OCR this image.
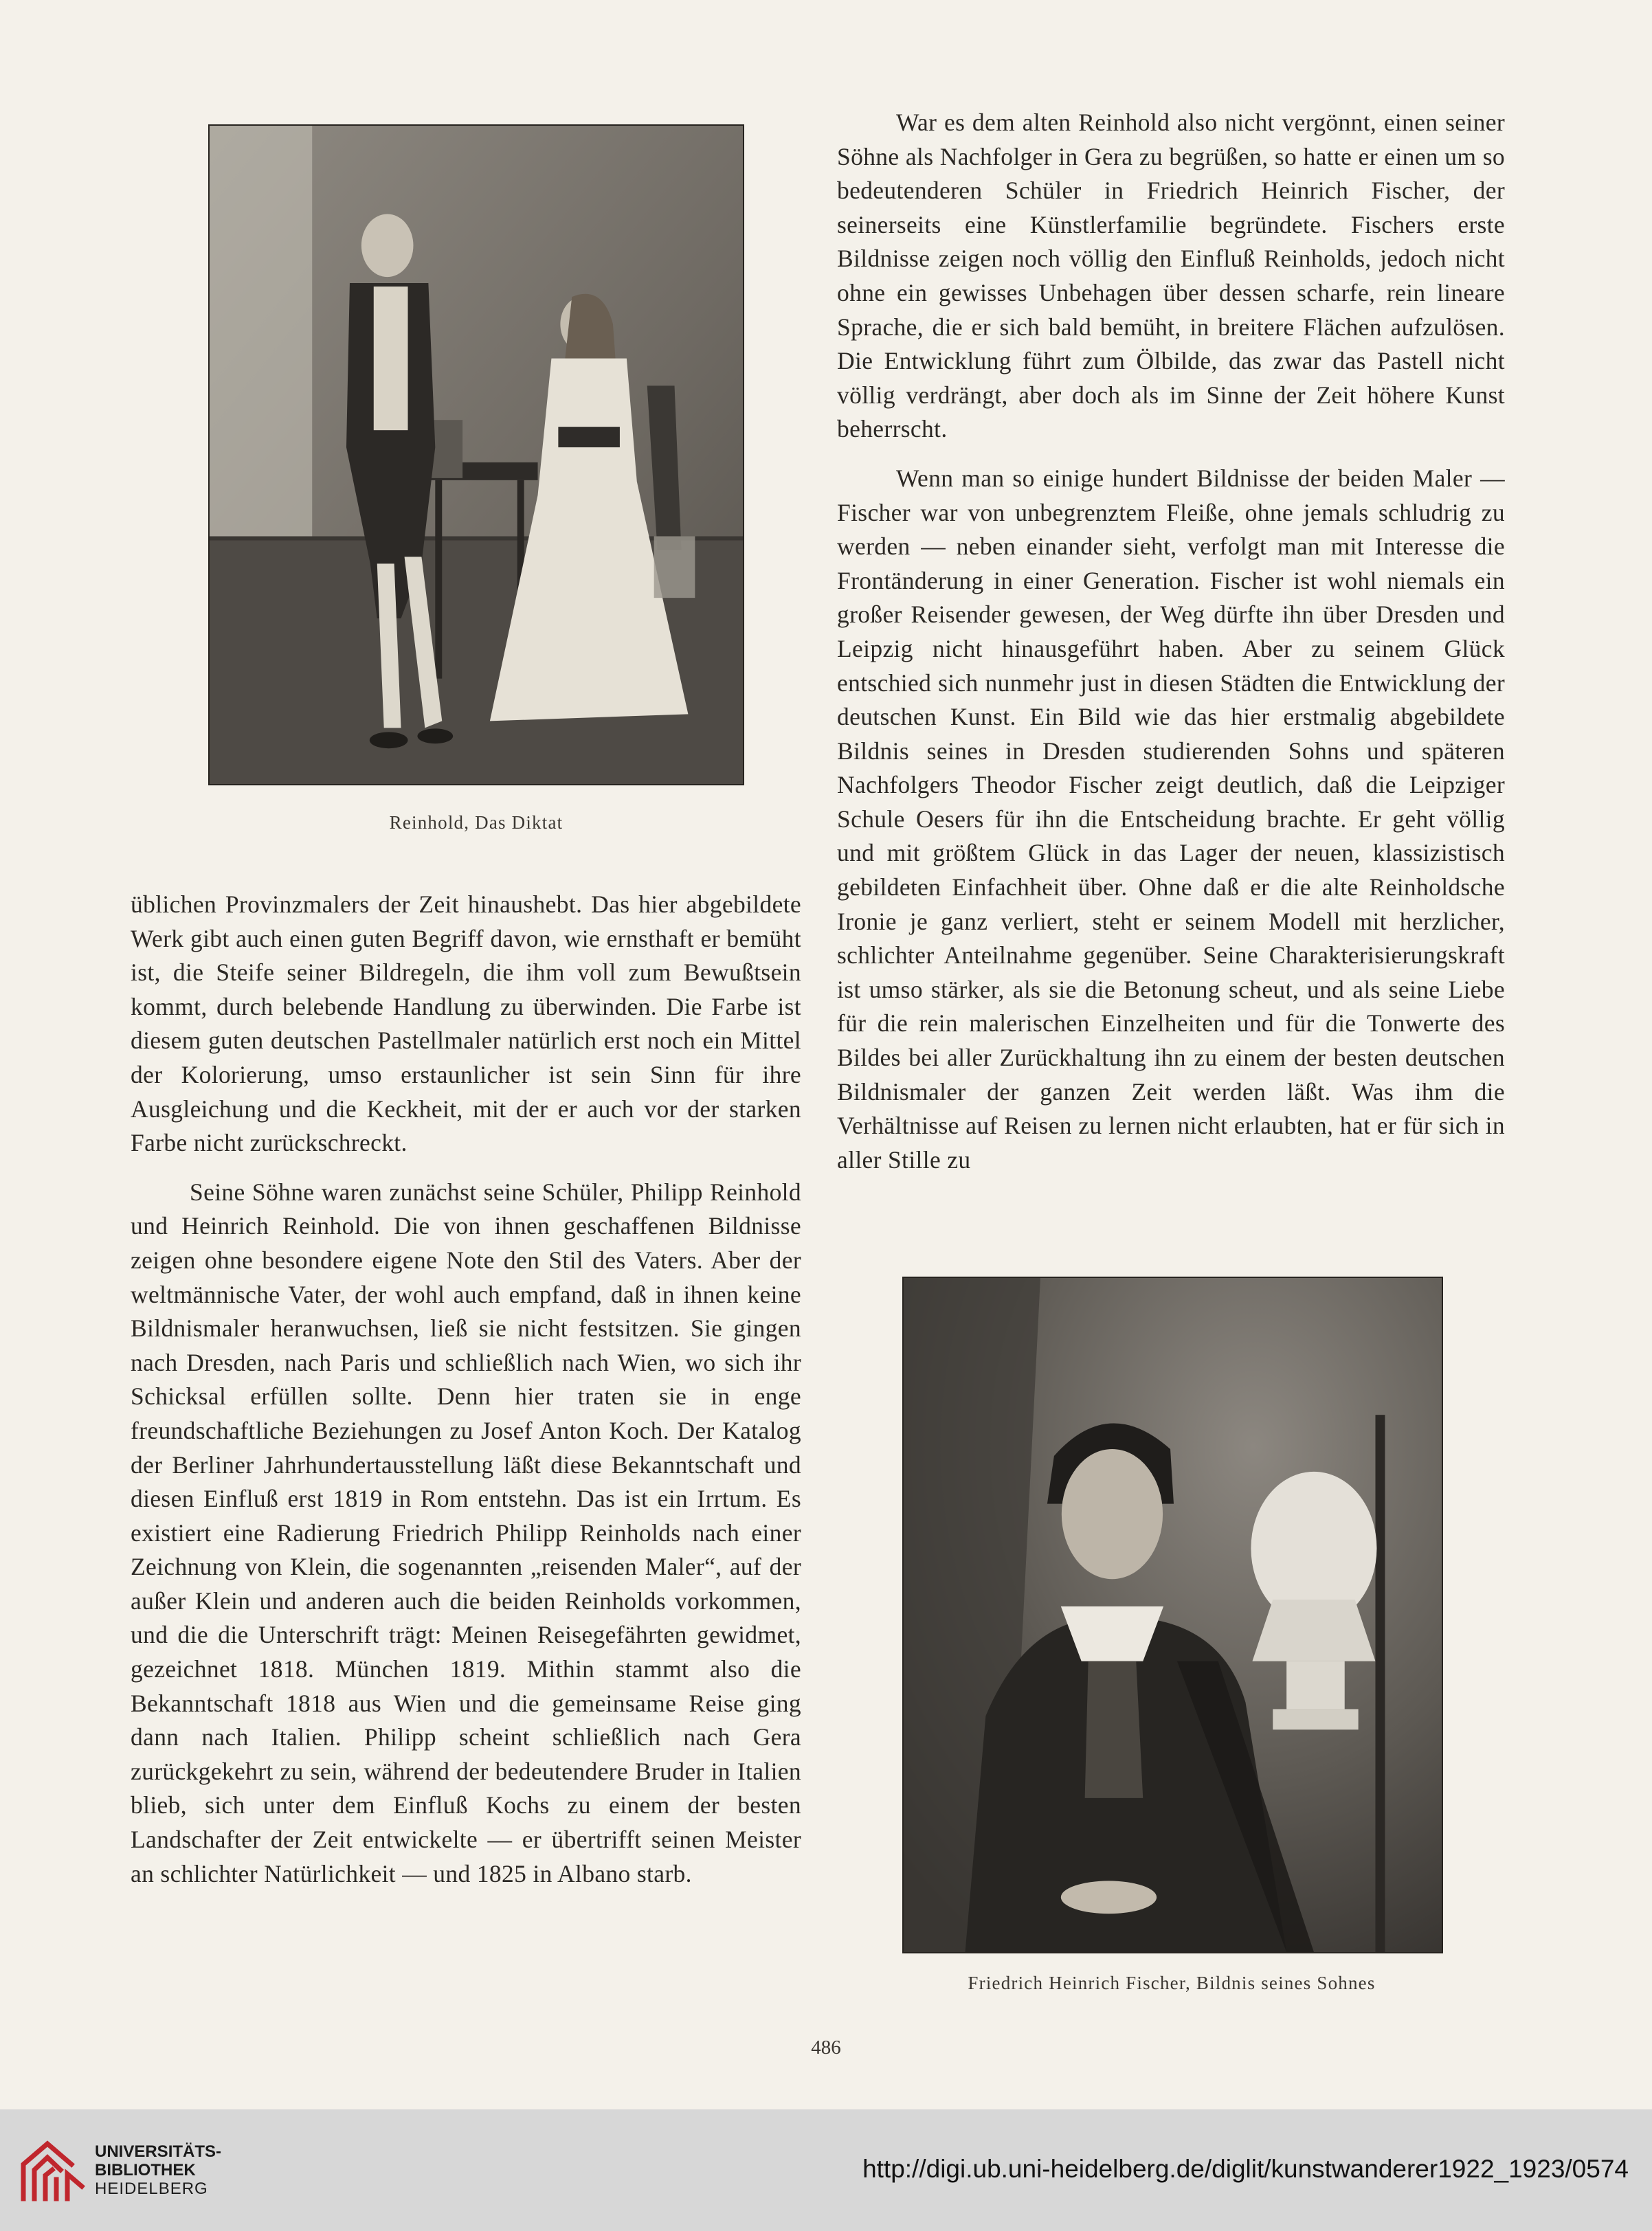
Reinhold, Das Diktat
Friedrich Heinrich Fischer, Bildnis seines Sohnes

War es dem alten Reinhold also nicht vergönnt, einen seiner Söhne als Nachfolger in Gera zu begrüßen, so hatte er einen um so bedeutenderen Schüler in Friedrich Heinrich Fischer, der seinerseits eine Künstlerfamilie begründete. Fischers erste Bildnisse zeigen noch völlig den Einfluß Reinholds, jedoch nicht ohne ein gewisses Unbehagen über dessen scharfe, rein lineare Sprache, die er sich bald bemüht, in breitere Flächen aufzulösen. Die Entwicklung führt zum Ölbilde, das zwar das Pastell nicht völlig verdrängt, aber doch als im Sinne der Zeit höhere Kunst beherrscht.

Wenn man so einige hundert Bildnisse der beiden Maler — Fischer war von unbegrenztem Fleiße, ohne jemals schludrig zu werden — neben einander sieht, verfolgt man mit Interesse die Frontänderung in einer Generation. Fischer ist wohl niemals ein großer Reisender gewesen, der Weg dürfte ihn über Dresden und Leipzig nicht hinausgeführt haben. Aber zu seinem Glück entschied sich nunmehr just in diesen Städten die Entwicklung der deutschen Kunst. Ein Bild wie das hier erstmalig abgebildete Bildnis seines in Dresden studierenden Sohns und späteren Nachfolgers Theodor Fischer zeigt deutlich, daß die Leipziger Schule Oesers für ihn die Entscheidung brachte. Er geht völlig und mit größtem Glück in das Lager der neuen, klassizistisch gebildeten Einfachheit über. Ohne daß er die alte Reinholdsche Ironie je ganz verliert, steht er seinem Modell mit herzlicher, schlichter Anteilnahme gegenüber. Seine Charakterisierungskraft ist umso stärker, als sie die Betonung scheut, und als seine Liebe für die rein malerischen Einzelheiten und für die Tonwerte des Bildes bei aller Zurückhaltung ihn zu einem der besten deutschen Bildnismaler der ganzen Zeit werden läßt. Was ihm die Verhältnisse auf Reisen zu lernen nicht erlaubten, hat er für sich in aller Stille zu

üblichen Provinzmalers der Zeit hinaushebt. Das hier abgebildete Werk gibt auch einen guten Begriff davon, wie ernsthaft er bemüht ist, die Steife seiner Bildregeln, die ihm voll zum Bewußtsein kommt, durch belebende Handlung zu überwinden. Die Farbe ist diesem guten deutschen Pastellmaler natürlich erst noch ein Mittel der Kolorierung, umso erstaunlicher ist sein Sinn für ihre Ausgleichung und die Keckheit, mit der er auch vor der starken Farbe nicht zurückschreckt.

Seine Söhne waren zunächst seine Schüler, Philipp Reinhold und Heinrich Reinhold. Die von ihnen geschaffenen Bildnisse zeigen ohne besondere eigene Note den Stil des Vaters. Aber der weltmännische Vater, der wohl auch empfand, daß in ihnen keine Bildnismaler heranwuchsen, ließ sie nicht festsitzen. Sie gingen nach Dresden, nach Paris und schließlich nach Wien, wo sich ihr Schicksal erfüllen sollte. Denn hier traten sie in enge freundschaftliche Beziehungen zu Josef Anton Koch. Der Katalog der Berliner Jahrhundertausstellung läßt diese Bekanntschaft und diesen Einfluß erst 1819 in Rom entstehn. Das ist ein Irrtum. Es existiert eine Radierung Friedrich Philipp Reinholds nach einer Zeichnung von Klein, die sogenannten „reisenden Maler“, auf der außer Klein und anderen auch die beiden Reinholds vorkommen, und die die Unterschrift trägt: Meinen Reisegefährten gewidmet, gezeichnet 1818. München 1819. Mithin stammt also die Bekanntschaft 1818 aus Wien und die gemeinsame Reise ging dann nach Italien. Philipp scheint schließlich nach Gera zurückgekehrt zu sein, während der bedeutendere Bruder in Italien blieb, sich unter dem Einfluß Kochs zu einem der besten Landschafter der Zeit entwickelte — er übertrifft seinen Meister an schlichter Natürlichkeit — und 1825 in Albano starb.

486
UNIVERSITÄTS-
BIBLIOTHEK
HEIDELBERG
http://digi.ub.uni-heidelberg.de/diglit/kunstwanderer1922_1923/0574
